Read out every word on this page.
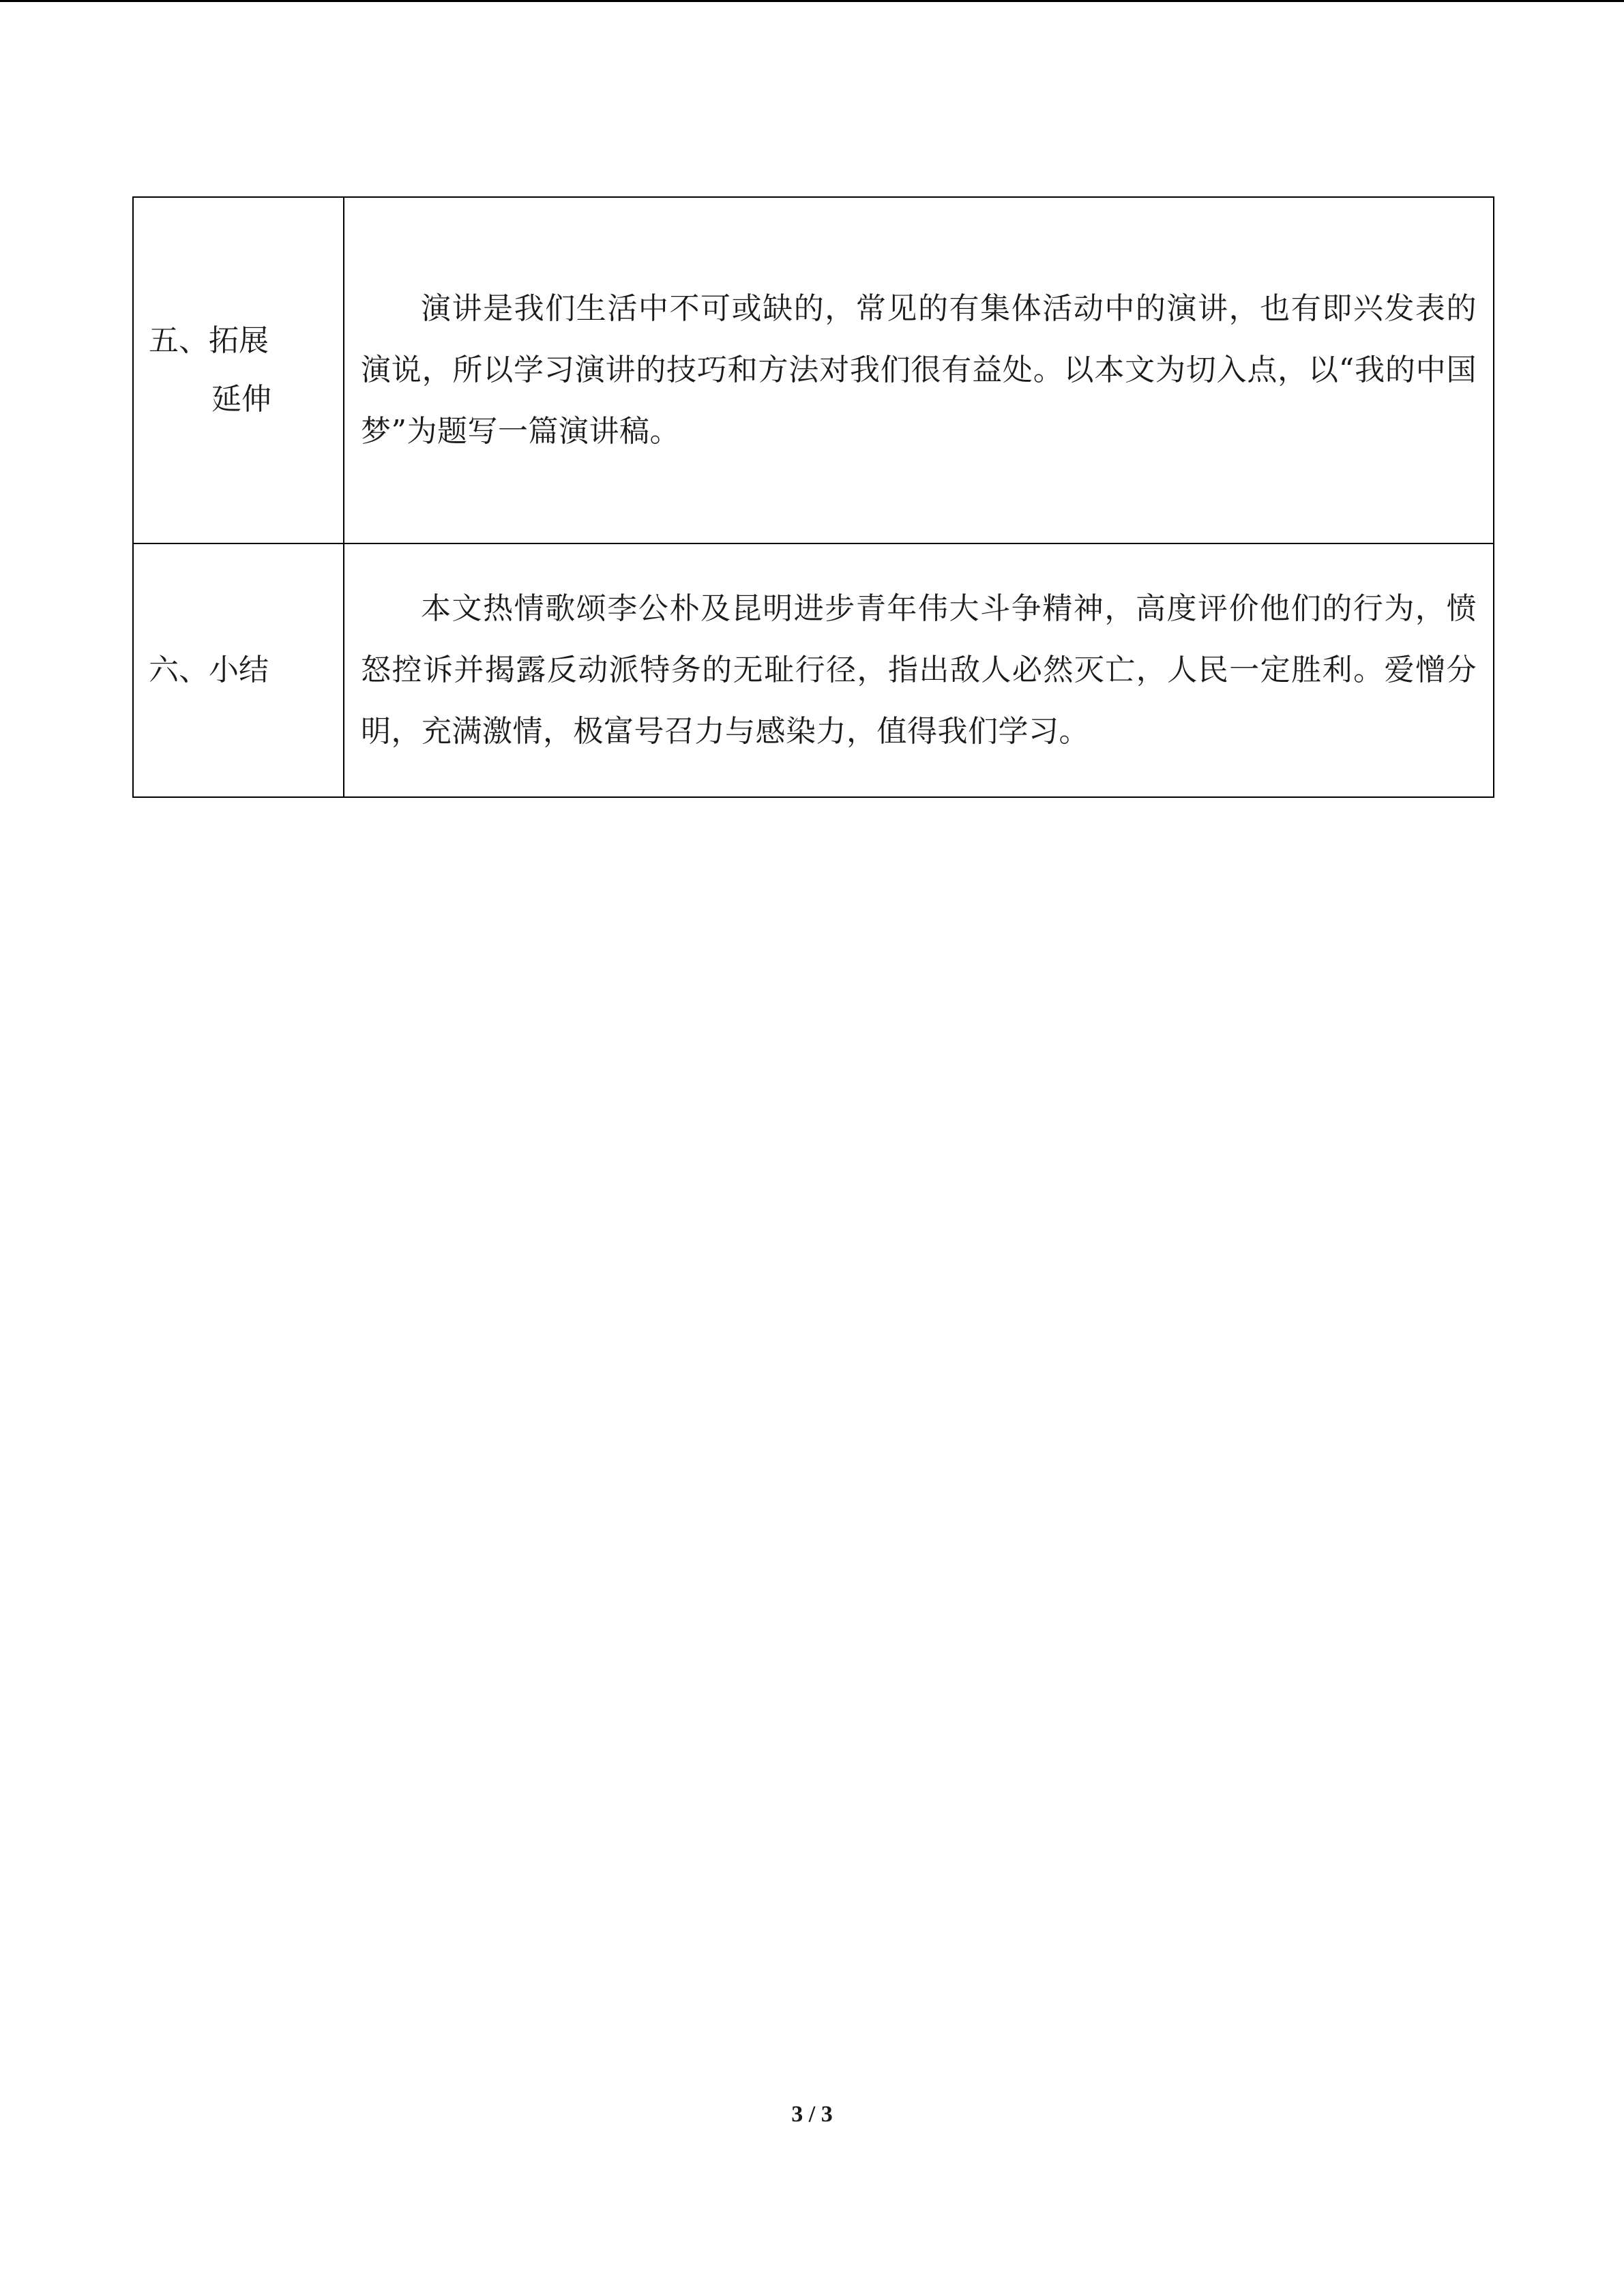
五、拓展
延伸	演讲是我们生活中不可或缺的，常见的有集体活动中的演讲，也有即兴发表的演说，所以学习演讲的技巧和方法对我们很有益处。以本文为切入点，以“我的中国梦”为题写一篇演讲稿。

六、小结	本文热情歌颂李公朴及昆明进步青年伟大斗争精神，高度评价他们的行为，愤怒控诉并揭露反动派特务的无耻行径，指出敌人必然灭亡，人民一定胜利。爱憎分明，充满激情，极富号召力与感染力，值得我们学习。

3 / 3
